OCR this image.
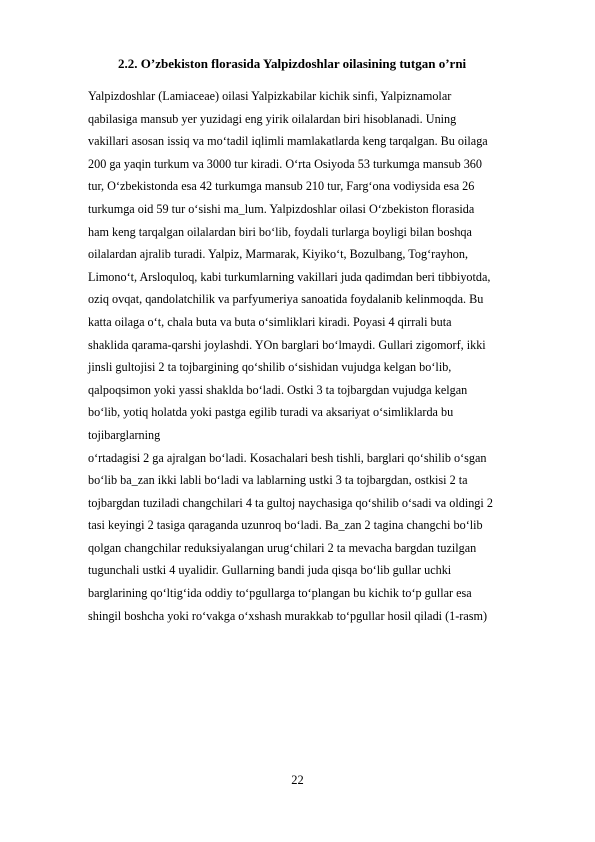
2.2. O’zbekiston florasida Yalpizdoshlar oilasining tutgan o’rni
Yalpizdoshlar (Lamiaceae) oilasi Yalpizkabilar kichik sinfi, Yalpiznamolar
qabilasiga mansub yer yuzidagi eng yirik oilalardan biri hisoblanadi. Uning
vakillari asosan issiq va mo‘tadil iqlimli mamlakatlarda keng tarqalgan. Bu oilaga
200 ga yaqin turkum va 3000 tur kiradi. O‘rta Osiyoda 53 turkumga mansub 360
tur, O‘zbekistonda esa 42 turkumga mansub 210 tur, Farg‘ona vodiysida esa 26
turkumga oid 59 tur o‘sishi ma_lum. Yalpizdoshlar oilasi O‘zbekiston florasida
ham keng tarqalgan oilalardan biri bo‘lib, foydali turlarga boyligi bilan boshqa
oilalardan ajralib turadi. Yalpiz, Marmarak, Kiyiko‘t, Bozulbang, Tog‘rayhon,
Limono‘t, Arsloquloq, kabi turkumlarning vakillari juda qadimdan beri tibbiyotda,
oziq ovqat, qandolatchilik va parfyumeriya sanoatida foydalanib kelinmoqda. Bu
katta oilaga o‘t, chala buta va buta o‘simliklari kiradi. Poyasi 4 qirrali buta
shaklida qarama-qarshi joylashdi. YOn barglari bo‘lmaydi. Gullari zigomorf, ikki
jinsli gultojisi 2 ta tojbargining qo‘shilib o‘sishidan vujudga kelgan bo‘lib,
qalpoqsimon yoki yassi shaklda bo‘ladi. Ostki 3 ta tojbargdan vujudga kelgan
bo‘lib, yotiq holatda yoki pastga egilib turadi va aksariyat o‘simliklarda bu
tojibarglarning
o‘rtadagisi 2 ga ajralgan bo‘ladi. Kosachalari besh tishli, barglari qo‘shilib o‘sgan
bo‘lib ba_zan ikki labli bo‘ladi va lablarning ustki 3 ta tojbargdan, ostkisi 2 ta
tojbargdan tuziladi changchilari 4 ta gultoj naychasiga qo‘shilib o‘sadi va oldingi 2
tasi keyingi 2 tasiga qaraganda uzunroq bo‘ladi. Ba_zan 2 tagina changchi bo‘lib
qolgan changchilar reduksiyalangan urug‘chilari 2 ta mevacha bargdan tuzilgan
tugunchali ustki 4 uyalidir. Gullarning bandi juda qisqa bo‘lib gullar uchki
barglarining qo‘ltig‘ida oddiy to‘pgullarga to‘plangan bu kichik to‘p gullar esa
shingil boshcha yoki ro‘vakga o‘xshash murakkab to‘pgullar hosil qiladi (1-rasm)
22
